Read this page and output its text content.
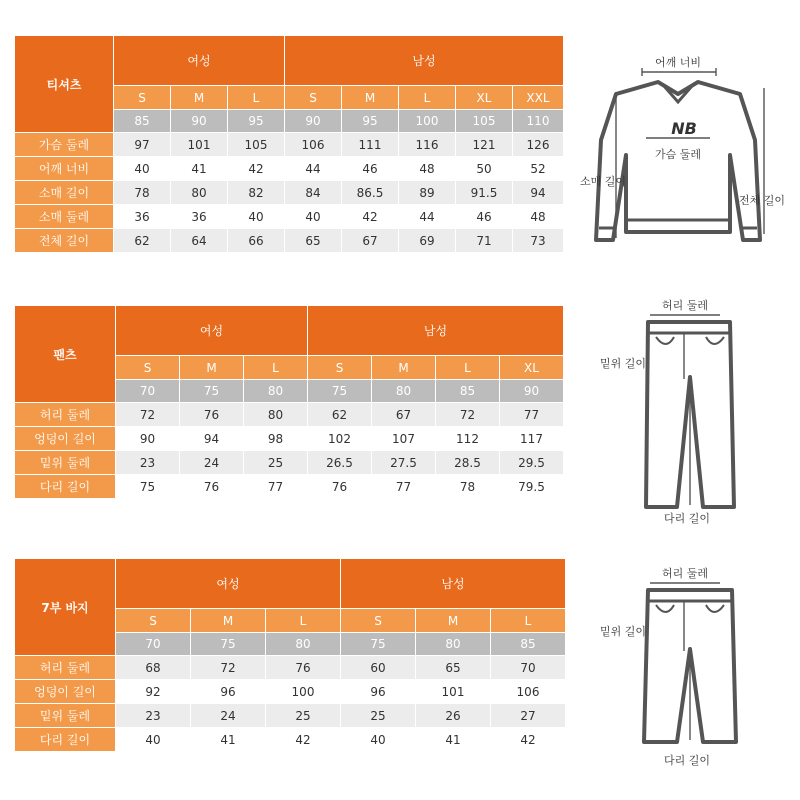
티셔츠	여성			남성				
	S	M	L	S	M	L	XL	XXL
	85	90	95	90	95	100	105	110
가슴 둘레	97	101	105	106	111	116	121	126
어깨 너비	40	41	42	44	46	48	50	52
소매 길이	78	80	82	84	86.5	89	91.5	94
소매 둘레	36	36	40	40	42	44	46	48
전체 길이	62	64	66	65	67	69	71	73
어깨 너비
NB
가슴 둘레
소매 길이
전체 길이
팬츠	여성			남성			
	S	M	L	S	M	L	XL
	70	75	80	75	80	85	90
허리 둘레	72	76	80	62	67	72	77
엉덩이 길이	90	94	98	102	107	112	117
밑위 둘레	23	24	25	26.5	27.5	28.5	29.5
다리 길이	75	76	77	76	77	78	79.5
허리 둘레
밑위 길이
다리 길이
7부 바지	여성			남성		
	S	M	L	S	M	L
	70	75	80	75	80	85
허리 둘레	68	72	76	60	65	70
엉덩이 길이	92	96	100	96	101	106
밑위 둘레	23	24	25	25	26	27
다리 길이	40	41	42	40	41	42
허리 둘레
밑위 길이
다리 길이
